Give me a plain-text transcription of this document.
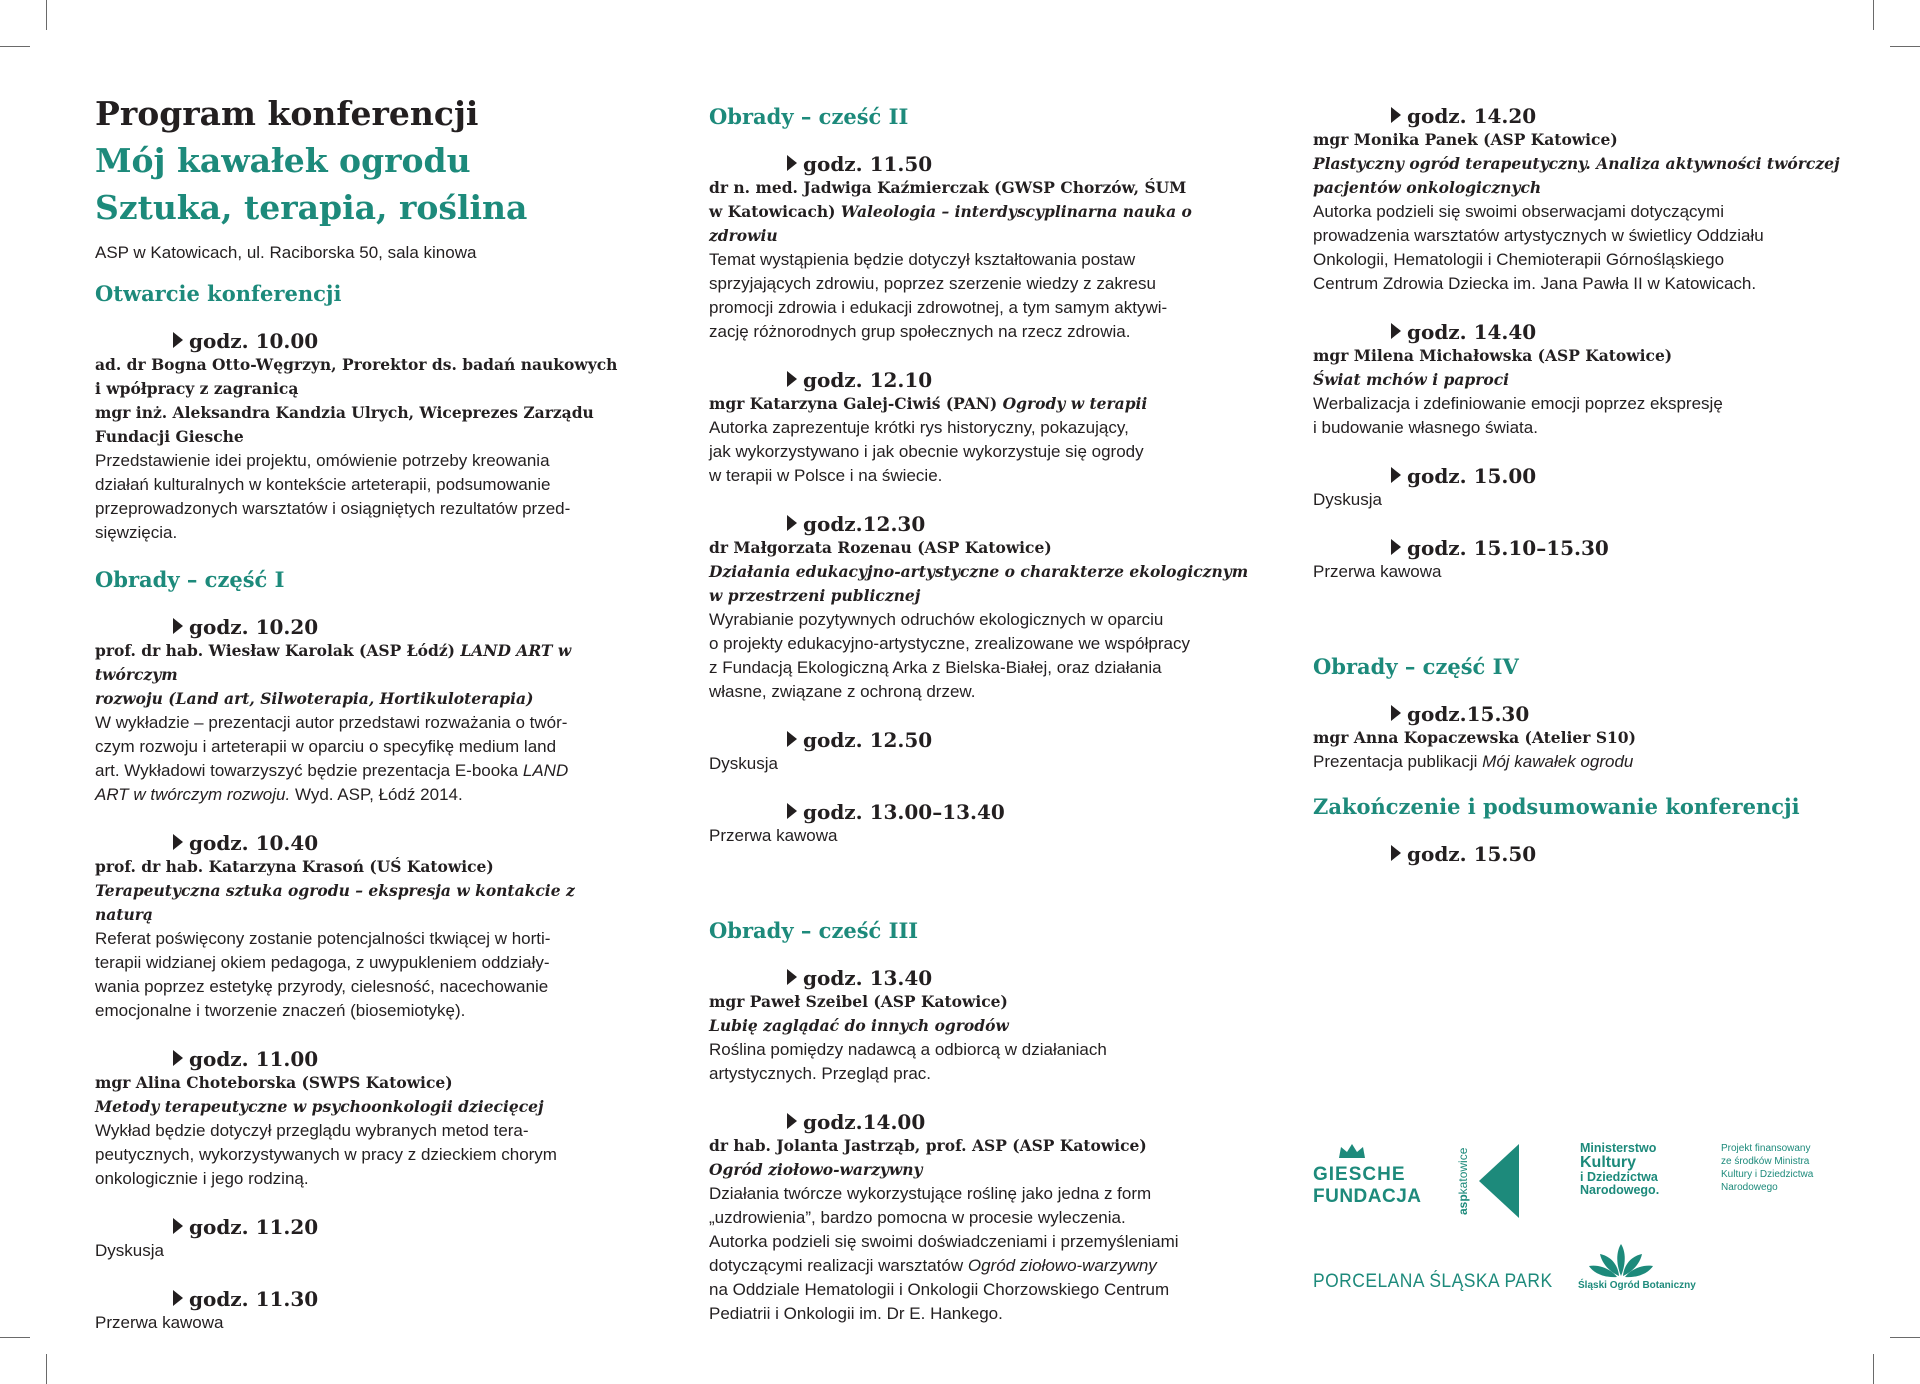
Program konferencji
Mój kawałek ogrodu
Sztuka, terapia, roślina
ASP w Katowicach, ul. Raciborska 50, sala kinowa
Otwarcie konferencji
godz. 10.00
ad. dr Bogna Otto-Węgrzyn, Prorektor ds. badań naukowych
i wpółpracy z zagranicą
mgr inż. Aleksandra Kandzia Ulrych, Wiceprezes Zarządu
Fundacji Giesche
Przedstawienie idei projektu, omówienie potrzeby kreowania
działań kulturalnych w kontekście arteterapii, podsumowanie
przeprowadzonych warsztatów i osiągniętych rezultatów przed-
sięwzięcia.
Obrady – część I
godz. 10.20
prof. dr hab. Wiesław Karolak (ASP Łódź) LAND ART w twórczym
rozwoju (Land art, Silwoterapia, Hortikuloterapia)
W wykładzie – prezentacji autor przedstawi rozważania o twór-
czym rozwoju i arteterapii w oparciu o specyfikę medium land
art. Wykładowi towarzyszyć będzie prezentacja E-booka LAND
ART w twórczym rozwoju. Wyd. ASP, Łódź 2014.
godz. 10.40
prof. dr hab. Katarzyna Krasoń (UŚ Katowice)
Terapeutyczna sztuka ogrodu – ekspresja w kontakcie z naturą
Referat poświęcony zostanie potencjalności tkwiącej w horti-
terapii widzianej okiem pedagoga, z uwypukleniem oddziały-
wania poprzez estetykę przyrody, cielesność, nacechowanie
emocjonalne i tworzenie znaczeń (biosemiotykę).
godz. 11.00
mgr Alina Choteborska (SWPS Katowice)
Metody terapeutyczne w psychoonkologii dziecięcej
Wykład będzie dotyczył przeglądu wybranych metod tera-
peutycznych, wykorzystywanych w pracy z dzieckiem chorym
onkologicznie i jego rodziną.
godz. 11.20
Dyskusja
godz. 11.30
Przerwa kawowa
Obrady – cześć II
godz. 11.50
dr n. med. Jadwiga Kaźmierczak (GWSP Chorzów, ŚUM
w Katowicach) Waleologia – interdyscyplinarna nauka o zdrowiu
Temat wystąpienia będzie dotyczył kształtowania postaw
sprzyjających zdrowiu, poprzez szerzenie wiedzy z zakresu
promocji zdrowia i edukacji zdrowotnej, a tym samym aktywi-
zację różnorodnych grup społecznych na rzecz zdrowia.
godz. 12.10
mgr Katarzyna Galej-Ciwiś (PAN) Ogrody w terapii
Autorka zaprezentuje krótki rys historyczny, pokazujący,
jak wykorzystywano i jak obecnie wykorzystuje się ogrody
w terapii w Polsce i na świecie.
godz.12.30
dr Małgorzata Rozenau (ASP Katowice)
Działania edukacyjno-artystyczne o charakterze ekologicznym
w przestrzeni publicznej
Wyrabianie pozytywnych odruchów ekologicznych w oparciu
o projekty edukacyjno-artystyczne, zrealizowane we współpracy
z Fundacją Ekologiczną Arka z Bielska-Białej, oraz działania
własne, związane z ochroną drzew.
godz. 12.50
Dyskusja
godz. 13.00–13.40
Przerwa kawowa
Obrady – cześć III
godz. 13.40
mgr Paweł Szeibel (ASP Katowice)
Lubię zaglądać do innych ogrodów
Roślina pomiędzy nadawcą a odbiorcą w działaniach
artystycznych. Przegląd prac.
godz.14.00
dr hab. Jolanta Jastrząb, prof. ASP (ASP Katowice)
Ogród ziołowo-warzywny
Działania twórcze wykorzystujące roślinę jako jedna z form
„uzdrowienia”, bardzo pomocna w procesie wyleczenia.
Autorka podzieli się swoimi doświadczeniami i przemyśleniami
dotyczącymi realizacji warsztatów Ogród ziołowo-warzywny
na Oddziale Hematologii i Onkologii Chorzowskiego Centrum
Pediatrii i Onkologii im. Dr E. Hankego.
godz. 14.20
mgr Monika Panek (ASP Katowice)
Plastyczny ogród terapeutyczny. Analiza aktywności twórczej
pacjentów onkologicznych
Autorka podzieli się swoimi obserwacjami dotyczącymi
prowadzenia warsztatów artystycznych w świetlicy Oddziału
Onkologii, Hematologii i Chemioterapii Górnośląskiego
Centrum Zdrowia Dziecka im. Jana Pawła II w Katowicach.
godz. 14.40
mgr Milena Michałowska (ASP Katowice)
Świat mchów i paproci
Werbalizacja i zdefiniowanie emocji poprzez ekspresję
i budowanie własnego świata.
godz. 15.00
Dyskusja
godz. 15.10–15.30
Przerwa kawowa
Obrady – część IV
godz.15.30
mgr Anna Kopaczewska (Atelier S10)
Prezentacja publikacji Mój kawałek ogrodu
Zakończenie i podsumowanie konferencji
godz. 15.50
GIESCHE
FUNDACJA	aspkatowice	Ministerstwo
Kultury
i Dziedzictwa
Narodowego.
Projekt finansowany
ze środków Ministra
Kultury i Dziedzictwa
Narodowego
PORCELANA ŚLĄSKA PARK	Śląski Ogród Botaniczny
